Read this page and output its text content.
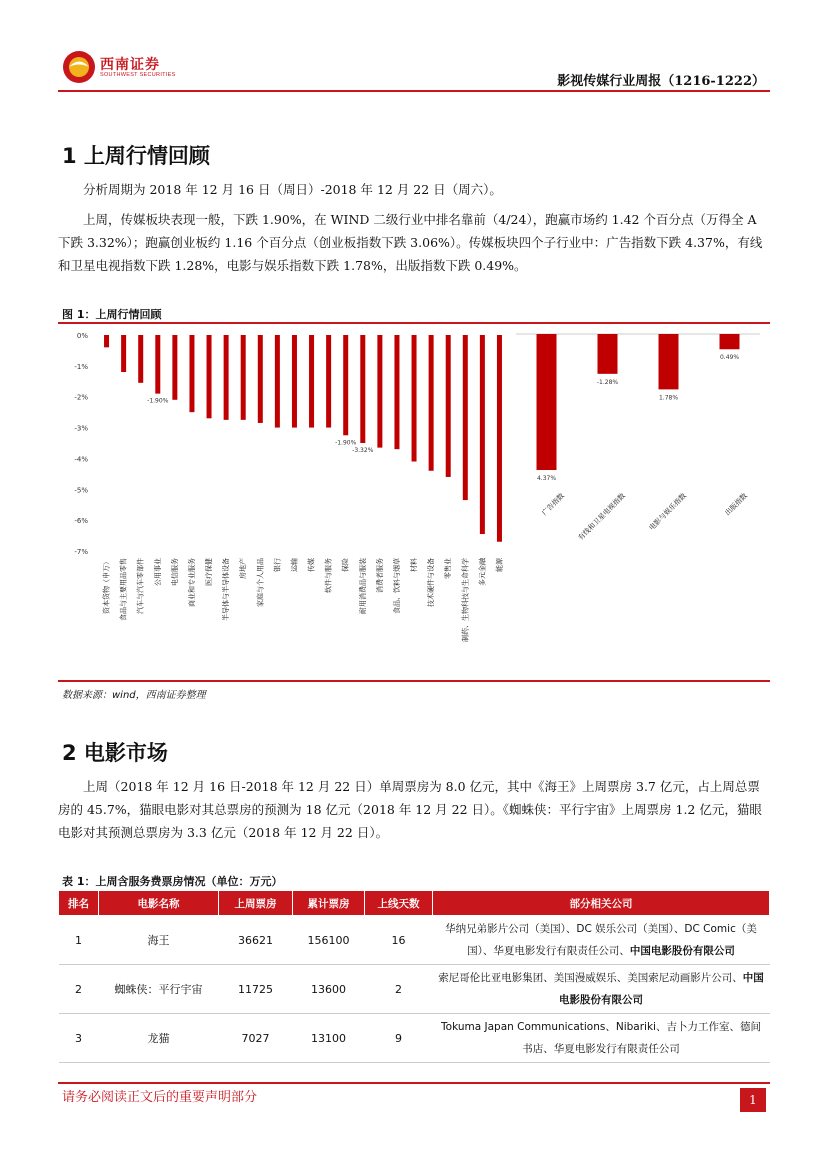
西南证券
SOUTHWEST SECURITIES	影视传媒行业周报（1216-1222）
1 上周行情回顾
分析周期为 2018 年 12 月 16 日（周日）-2018 年 12 月 22 日（周六）。
上周，传媒板块表现一般，下跌 1.90%，在 WIND 二级行业中排名靠前（4/24），跑赢市场约 1.42 个百分点（万得全 A 下跌 3.32%）；跑赢创业板约 1.16 个百分点（创业板指数下跌 3.06%）。传媒板块四个子行业中：广告指数下跌 4.37%，有线和卫星电视指数下跌 1.28%，电影与娱乐指数下跌 1.78%，出版指数下跌 0.49%。
图 1：上周行情回顾
0%
-1%
-2%
-3%
-4%
-5%
-6%
-7%
资本货物（申万） 食品与主要用品零售 汽车与汽车零部件 公用事业 电信服务 商业和专业服务 医疗保健 半导体与半导体设备 房地产 家庭与个人用品 银行 运输 传媒 软件与服务 保险 耐用消费品与服装 消费者服务 食品、饮料与烟草 材料 技术硬件与设备 零售业 制药、生物科技与生命科学 多元金融 能源
-1.90%
-1.90%
-3.32%
4.37%
广告指数
-1.28%
有线和卫星电视指数
1.78%
电影与娱乐指数
0.49%
出版指数
数据来源：wind，西南证券整理
2 电影市场
上周（2018 年 12 月 16 日-2018 年 12 月 22 日）单周票房为 8.0 亿元，其中《海王》上周票房 3.7 亿元，占上周总票房的 45.7%，猫眼电影对其总票房的预测为 18 亿元（2018 年 12 月 22 日）。《蜘蛛侠：平行宇宙》上周票房 1.2 亿元，猫眼电影对其预测总票房为 3.3 亿元（2018 年 12 月 22 日）。
表 1：上周含服务费票房情况（单位：万元）
排名	电影名称	上周票房	累计票房	上线天数	部分相关公司
1	海王	36621	156100	16	华纳兄弟影片公司（美国）、DC 娱乐公司（美国）、DC Comic（美国）、华夏电影发行有限责任公司、中国电影股份有限公司
2	蜘蛛侠：平行宇宙	11725	13600	2	索尼哥伦比亚电影集团、美国漫威娱乐、美国索尼动画影片公司、中国电影股份有限公司
3	龙猫	7027	13100	9	Tokuma Japan Communications、Nibariki、吉卜力工作室、德间书店、华夏电影发行有限责任公司
请务必阅读正文后的重要声明部分	1
